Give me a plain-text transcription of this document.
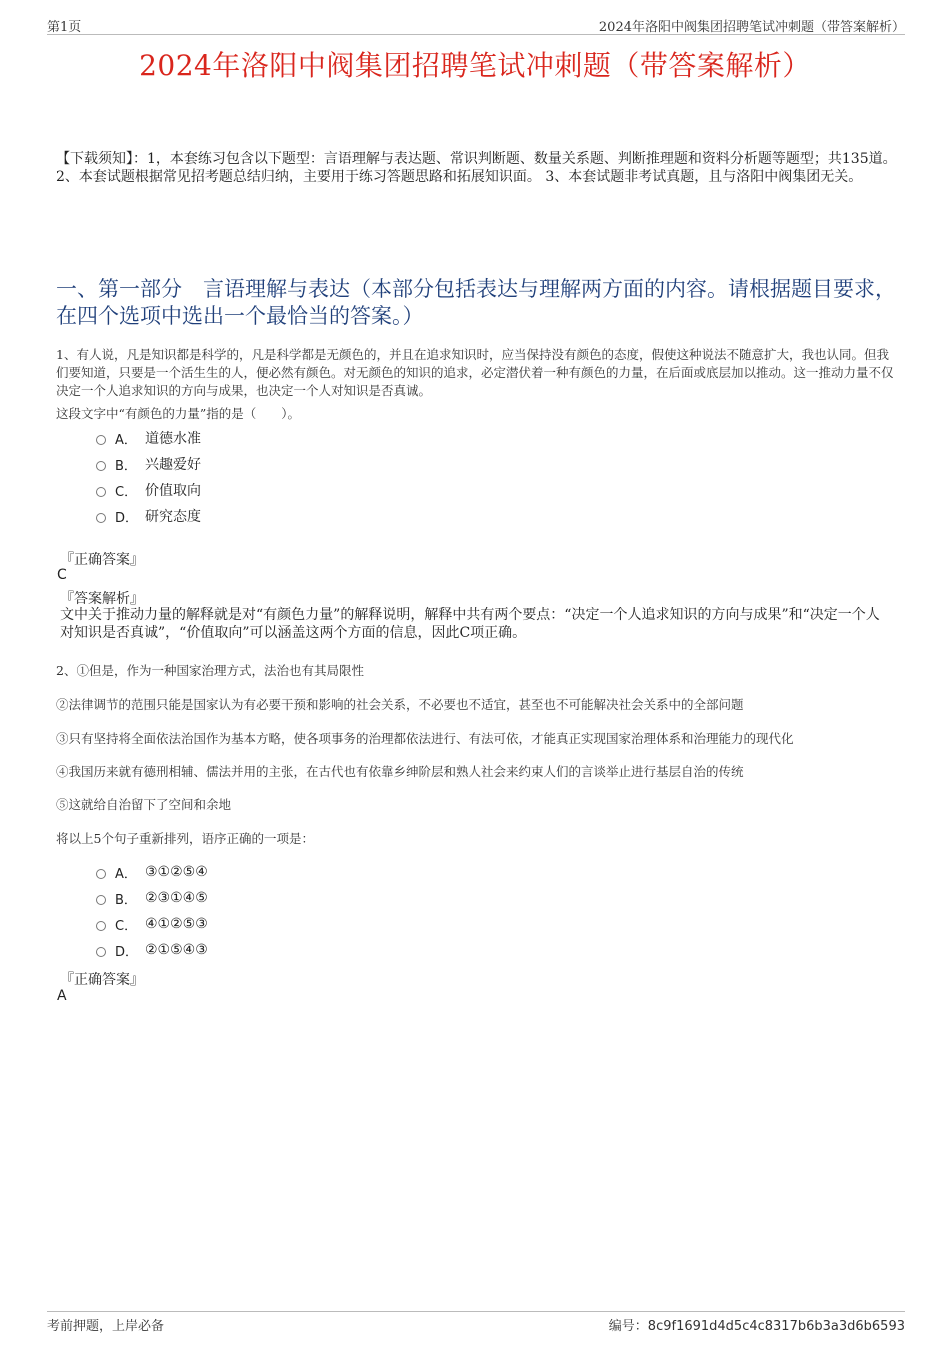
第1页	2024年洛阳中阀集团招聘笔试冲刺题（带答案解析）
2024年洛阳中阀集团招聘笔试冲刺题（带答案解析）
【下载须知】：1，本套练习包含以下题型：言语理解与表达题、常识判断题、数量关系题、判断推理题和资料分析题等题型；共135道。 2、本套试题根据常见招考题总结归纳，主要用于练习答题思路和拓展知识面。 3、本套试题非考试真题，且与洛阳中阀集团无关。
一、第一部分　言语理解与表达（本部分包括表达与理解两方面的内容。请根据题目要求，在四个选项中选出一个最恰当的答案。）
1、有人说，凡是知识都是科学的，凡是科学都是无颜色的，并且在追求知识时，应当保持没有颜色的态度，假使这种说法不随意扩大，我也认同。但我们要知道，只要是一个活生生的人，便必然有颜色。对无颜色的知识的追求，必定潜伏着一种有颜色的力量，在后面或底层加以推动。这一推动力量不仅决定一个人追求知识的方向与成果，也决定一个人对知识是否真诚。
这段文字中“有颜色的力量”指的是（　　）。
A． 道德水准
B． 兴趣爱好
C． 价值取向
D． 研究态度
『正确答案』
C
『答案解析』
文中关于推动力量的解释就是对“有颜色力量”的解释说明，解释中共有两个要点：“决定一个人追求知识的方向与成果”和“决定一个人对知识是否真诚”，“价值取向”可以涵盖这两个方面的信息，因此C项正确。
2、①但是，作为一种国家治理方式，法治也有其局限性
②法律调节的范围只能是国家认为有必要干预和影响的社会关系，不必要也不适宜，甚至也不可能解决社会关系中的全部问题
③只有坚持将全面依法治国作为基本方略，使各项事务的治理都依法进行、有法可依，才能真正实现国家治理体系和治理能力的现代化
④我国历来就有德刑相辅、儒法并用的主张，在古代也有依靠乡绅阶层和熟人社会来约束人们的言谈举止进行基层自治的传统
⑤这就给自治留下了空间和余地
将以上5个句子重新排列，语序正确的一项是：
A． ③①②⑤④
B． ②③①④⑤
C． ④①②⑤③
D． ②①⑤④③
『正确答案』
A
考前押题，上岸必备	编号：8c9f1691d4d5c4c8317b6b3a3d6b6593
